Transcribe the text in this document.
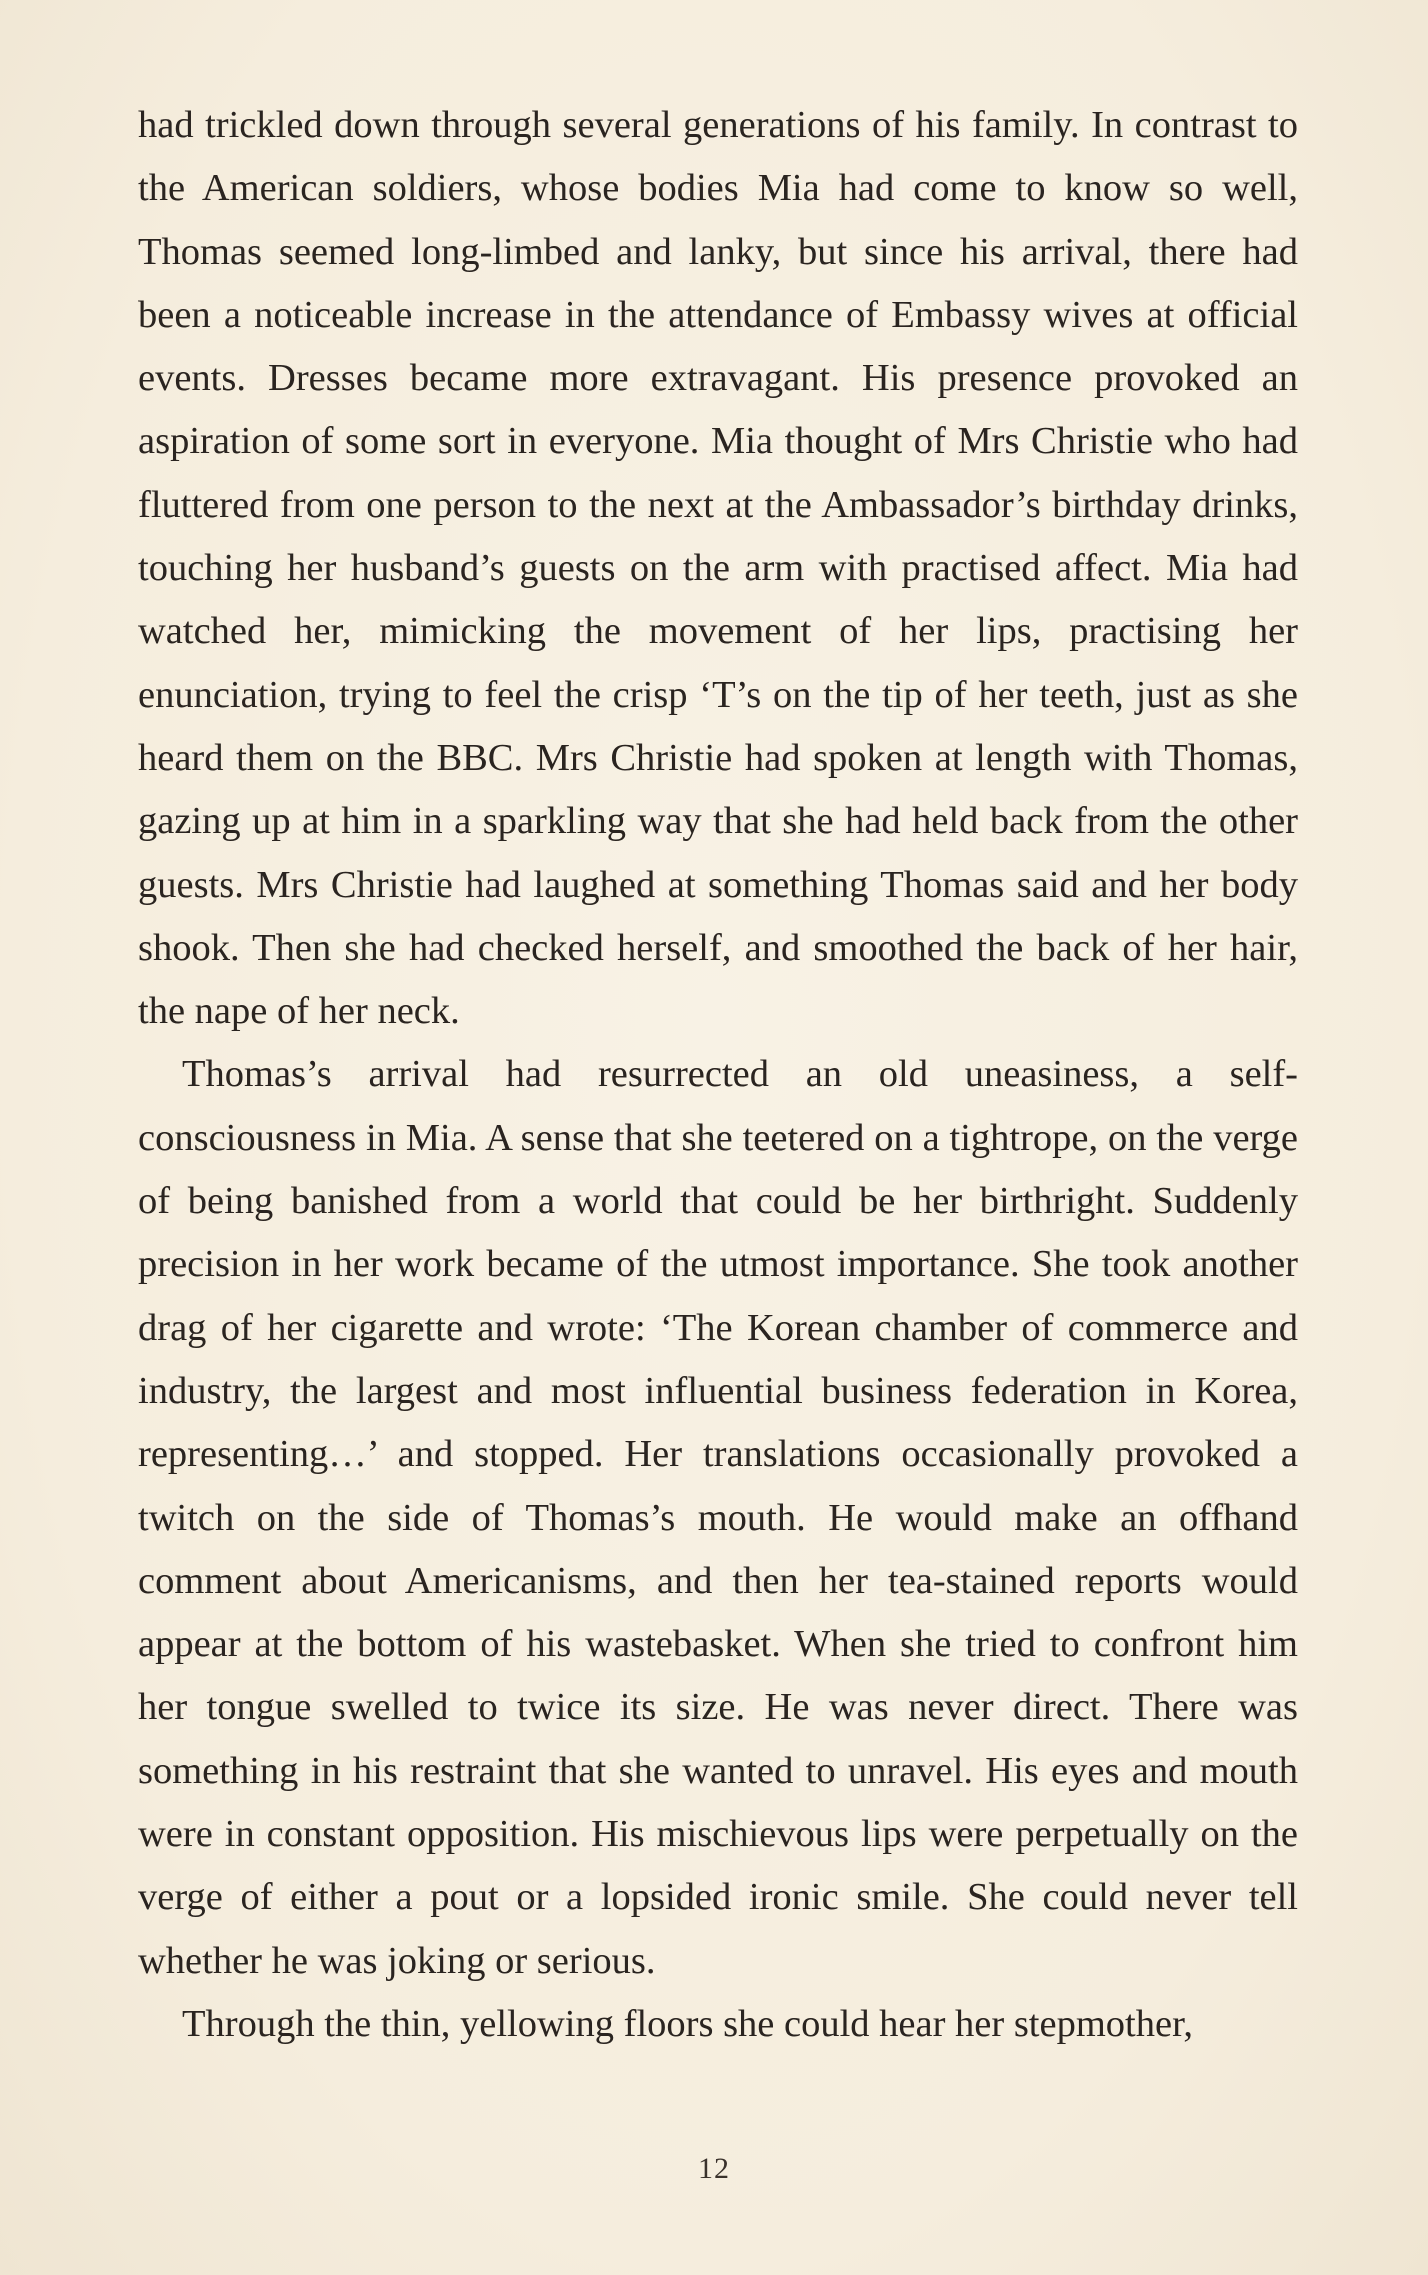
had trickled down through several generations of his family. In contrast to the American soldiers, whose bodies Mia had come to know so well, Thomas seemed long-limbed and lanky, but since his arrival, there had been a noticeable increase in the attendance of Embassy wives at official events. Dresses became more extravagant. His presence provoked an aspiration of some sort in everyone. Mia thought of Mrs Christie who had fluttered from one person to the next at the Ambassador’s birthday drinks, touching her husband’s guests on the arm with practised affect. Mia had watched her, mimicking the movement of her lips, practising her enunciation, trying to feel the crisp ‘T’s on the tip of her teeth, just as she heard them on the BBC. Mrs Christie had spoken at length with Thomas, gazing up at him in a sparkling way that she had held back from the other guests. Mrs Christie had laughed at something Thomas said and her body shook. Then she had checked herself, and smoothed the back of her hair, the nape of her neck.

Thomas’s arrival had resurrected an old uneasiness, a self-consciousness in Mia. A sense that she teetered on a tightrope, on the verge of being banished from a world that could be her birthright. Suddenly precision in her work became of the utmost importance. She took another drag of her cigarette and wrote: ‘The Korean chamber of commerce and industry, the largest and most influential business federation in Korea, representing…’ and stopped. Her translations occasionally provoked a twitch on the side of Thomas’s mouth. He would make an offhand comment about Americanisms, and then her tea-stained reports would appear at the bottom of his wastebasket. When she tried to confront him her tongue swelled to twice its size. He was never direct. There was something in his restraint that she wanted to unravel. His eyes and mouth were in constant opposition. His mischievous lips were perpetually on the verge of either a pout or a lopsided ironic smile. She could never tell whether he was joking or serious.

Through the thin, yellowing floors she could hear her stepmother,

12
